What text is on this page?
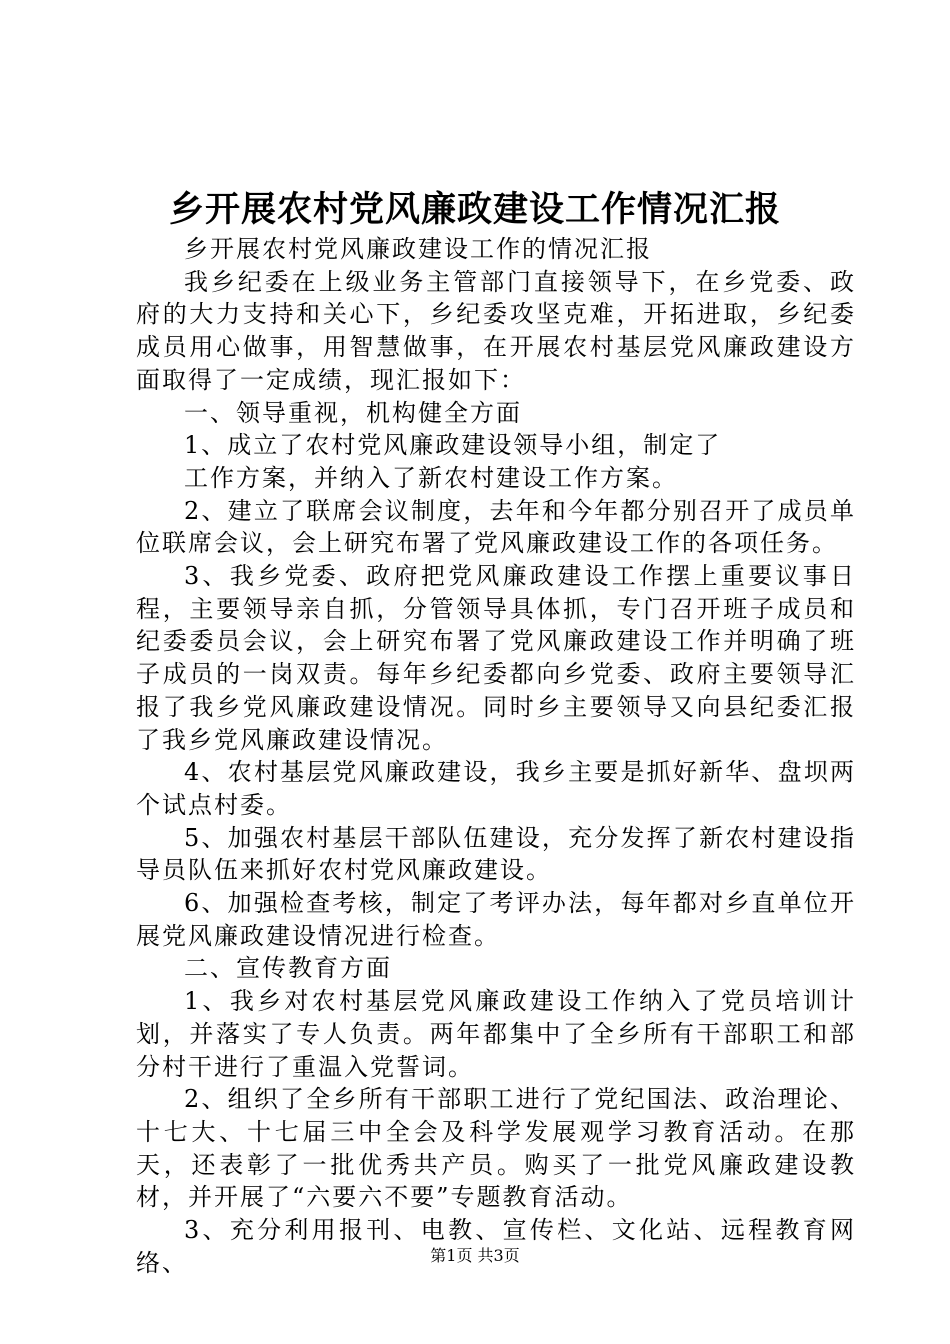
乡开展农村党风廉政建设工作情况汇报

乡开展农村党风廉政建设工作的情况汇报

我乡纪委在上级业务主管部门直接领导下，在乡党委、政府的大力支持和关心下，乡纪委攻坚克难，开拓进取，乡纪委成员用心做事，用智慧做事，在开展农村基层党风廉政建设方面取得了一定成绩，现汇报如下：

一、领导重视，机构健全方面

1、成立了农村党风廉政建设领导小组，制定了

工作方案，并纳入了新农村建设工作方案。

2、建立了联席会议制度，去年和今年都分别召开了成员单位联席会议，会上研究布署了党风廉政建设工作的各项任务。

3、我乡党委、政府把党风廉政建设工作摆上重要议事日程，主要领导亲自抓，分管领导具体抓，专门召开班子成员和纪委委员会议，会上研究布署了党风廉政建设工作并明确了班子成员的一岗双责。每年乡纪委都向乡党委、政府主要领导汇报了我乡党风廉政建设情况。同时乡主要领导又向县纪委汇报了我乡党风廉政建设情况。

4、农村基层党风廉政建设，我乡主要是抓好新华、盘坝两个试点村委。

5、加强农村基层干部队伍建设，充分发挥了新农村建设指导员队伍来抓好农村党风廉政建设。

6、加强检查考核，制定了考评办法，每年都对乡直单位开展党风廉政建设情况进行检查。

二、宣传教育方面

1、我乡对农村基层党风廉政建设工作纳入了党员培训计划，并落实了专人负责。两年都集中了全乡所有干部职工和部分村干进行了重温入党誓词。

2、组织了全乡所有干部职工进行了党纪国法、政治理论、十七大、十七届三中全会及科学发展观学习教育活动。在那天，还表彰了一批优秀共产员。购买了一批党风廉政建设教材，并开展了“六要六不要”专题教育活动。

3、充分利用报刊、电教、宣传栏、文化站、远程教育网络、	第1页 共3页
